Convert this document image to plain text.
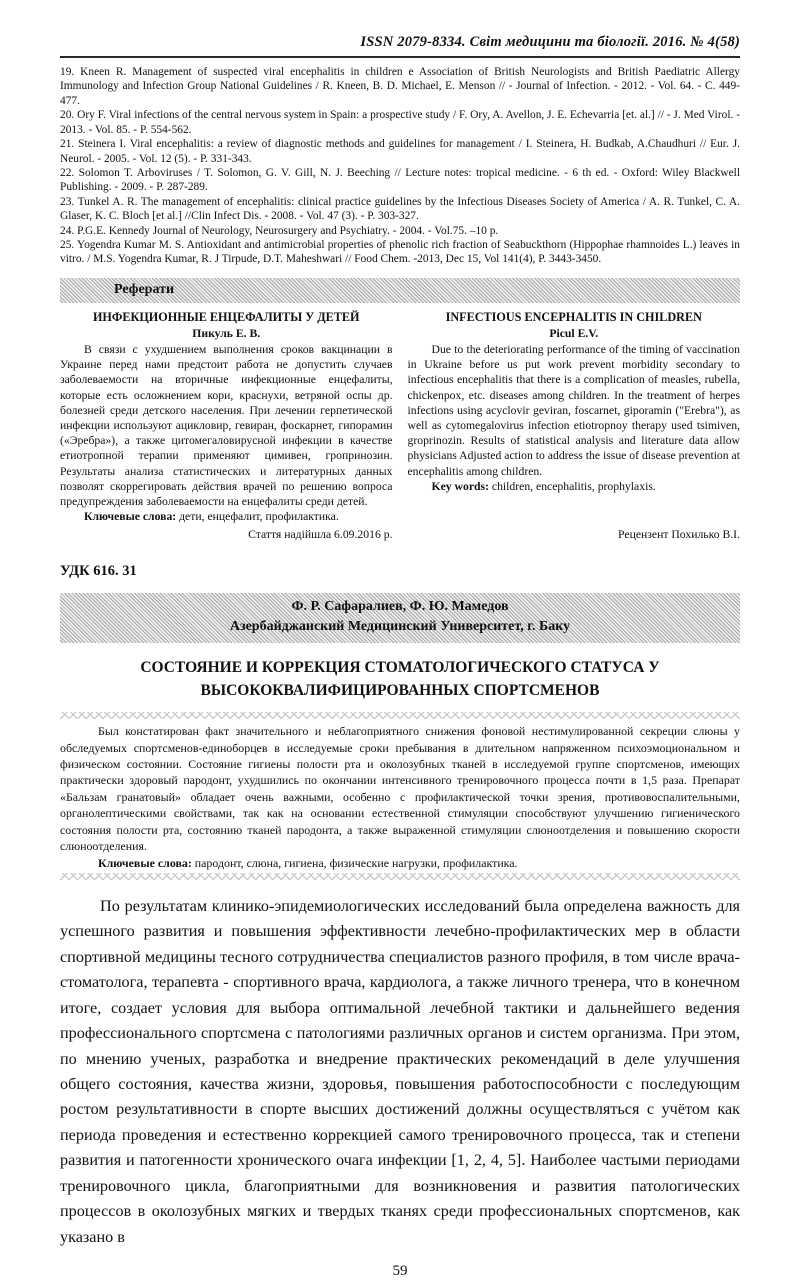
ISSN 2079-8334. Світ медицини та біології. 2016. № 4(58)
19. Kneen R. Management of suspected viral encephalitis in children e Association of British Neurologists and British Paediatric Allergy Immunology and Infection Group National Guidelines / R. Kneen, B. D. Michael, E. Menson // - Journal of Infection. - 2012. - Vol. 64. - С. 449-477.
20. Ory F. Viral infections of the central nervous system in Spain: a prospective study / F. Ory, A. Avellon, J. E. Echevarria [et. al.] // - J. Med Virol. - 2013. - Vol. 85. - P. 554-562.
21. Steinera I. Viral encephalitis: a review of diagnostic methods and guidelines for management / I. Steinera, H. Budkab, A.Chaudhuri // Eur. J. Neurol. - 2005. - Vol. 12 (5). - P. 331-343.
22. Solomon T. Arboviruses / T. Solomon, G. V. Gill, N. J. Beeching // Lecture notes: tropical medicine. - 6 th ed. - Oxford: Wiley Blackwell Publishing. - 2009. - P. 287-289.
23. Tunkel A. R. The management of encephalitis: clinical practice guidelines by the Infectious Diseases Society of America / A. R. Tunkel, C. A. Glaser, K. C. Bloch [et al.] //Clin Infect Dis. - 2008. - Vol. 47 (3). - P. 303-327.
24. P.G.E. Kennedy Journal of Neurology, Neurosurgery and Psychiatry. - 2004. - Vol.75. –10 p.
25. Yogendra Kumar M. S. Antioxidant and antimicrobial properties of phenolic rich fraction of Seabuckthorn (Hippophae rhamnoides L.) leaves in vitro. / M.S. Yogendra Kumar, R. J Tirpude, D.T. Maheshwari // Food Chem. -2013, Dec 15, Vol 141(4), P. 3443-3450.
Реферати
ИНФЕКЦИОННЫЕ ЕНЦЕФАЛИТЫ У ДЕТЕЙ
Пикуль Е. В.

В связи с ухудшением выполнения сроков вакцинации в Украине перед нами предстоит работа не допустить случаев заболеваемости на вторичные инфекционные енцефалиты, которые есть осложнением кори, краснухи, ветряной оспы др. болезней среди детского населения. При лечении герпетической инфекции используют ацикловир, гевиран, фоскарнет, гипорамин («Эребра»), а также цитомегаловирусной инфекции в качестве етиотропной терапии применяют цимивен, гропринозин. Результаты анализа статистических и литературных данных позволят скоррегировать действия врачей по решению вопроса предупреждения заболеваемости на енцефалиты среди детей.

Ключевые слова: дети, енцефалит, профилактика.

Стаття надійшла 6.09.2016 р.
INFECTIOUS ENCEPHALITIS IN CHILDREN
Picul E.V.

Due to the deteriorating performance of the timing of vaccination in Ukraine before us put work prevent morbidity secondary to infectious encephalitis that there is a complication of measles, rubella, chickenpox, etc. diseases among children. In the treatment of herpes infections using acyclovir geviran, foscarnet, giporamin ("Erebra"), as well as cytomegalovirus infection etiotropnoy therapy used tsimiven, groprinozin. Results of statistical analysis and literature data allow physicians Adjusted action to address the issue of disease prevention at encephalitis among children.

Key words: children, encephalitis, prophylaxis.

Рецензент Похилько В.І.
УДК 616. 31
Ф. Р. Сафаралиев, Ф. Ю. Мамедов
Азербайджанский Медицинский Университет, г. Баку
СОСТОЯНИЕ И КОРРЕКЦИЯ СТОМАТОЛОГИЧЕСКОГО СТАТУСА У ВЫСОКОКВАЛИФИЦИРОВАННЫХ СПОРТСМЕНОВ

Был констатирован факт значительного и неблагоприятного снижения фоновой нестимулированной секреции слюны у обследуемых спортсменов-единоборцев в исследуемые сроки пребывания в длительном напряженном психоэмоциональном и физическом состоянии. Состояние гигиены полости рта и околозубных тканей в исследуемой группе спортсменов, имеющих практически здоровый пародонт, ухудшились по окончании интенсивного тренировочного процесса почти в 1,5 раза. Препарат «Бальзам гранатовый» обладает очень важными, особенно с профилактической точки зрения, противовоспалительными, органолептическими свойствами, так как на основании естественной стимуляции способствуют улучшению гигиенического состояния полости рта, состоянию тканей пародонта, а также выраженной стимуляции слюноотделения и повышению скорости слюноотделения.

Ключевые слова: пародонт, слюна, гигиена, физические нагрузки, профилактика.

По результатам клинико-эпидемиологических исследований была определена важность для успешного развития и повышения эффективности лечебно-профилактических мер в области спортивной медицины тесного сотрудничества специалистов разного профиля, в том числе врача-стоматолога, терапевта - спортивного врача, кардиолога, а также личного тренера, что в конечном итоге, создает условия для выбора оптимальной лечебной тактики и дальнейшего ведения профессионального спортсмена с патологиями различных органов и систем организма. При этом, по мнению ученых, разработка и внедрение практических рекомендаций в деле улучшения общего состояния, качества жизни, здоровья, повышения работоспособности с последующим ростом результативности в спорте высших достижений должны осуществляться с учётом как периода проведения и естественно коррекцией самого тренировочного процесса, так и степени развития и патогенности хронического очага инфекции [1, 2, 4, 5]. Наиболее частыми периодами тренировочного цикла, благоприятными для возникновения и развития патологических процессов в околозубных мягких и твердых тканях среди профессиональных спортсменов, как указано в

59
